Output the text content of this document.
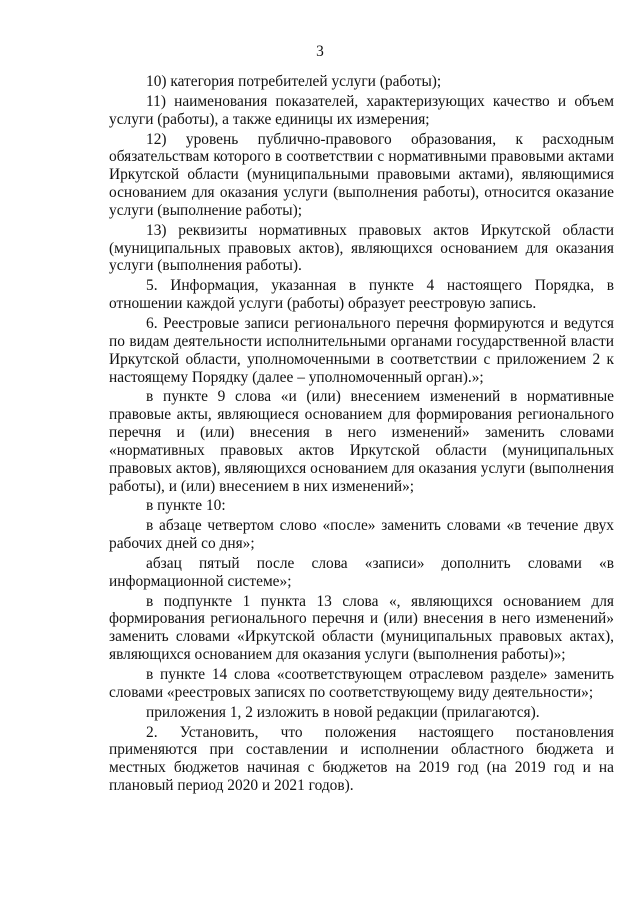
3

10) категория потребителей услуги (работы);

11) наименования показателей, характеризующих качество и объем услуги (работы), а также единицы их измерения;

12) уровень публично-правового образования, к расходным обязательствам которого в соответствии с нормативными правовыми актами Иркутской области (муниципальными правовыми актами), являющимися основанием для оказания услуги (выполнения работы), относится оказание услуги (выполнение работы);

13) реквизиты нормативных правовых актов Иркутской области (муниципальных правовых актов), являющихся основанием для оказания услуги (выполнения работы).

5. Информация, указанная в пункте 4 настоящего Порядка, в отношении каждой услуги (работы) образует реестровую запись.

6. Реестровые записи регионального перечня формируются и ведутся по видам деятельности исполнительными органами государственной власти Иркутской области, уполномоченными в соответствии с приложением 2 к настоящему Порядку (далее – уполномоченный орган).»;

в пункте 9 слова «и (или) внесением изменений в нормативные правовые акты, являющиеся основанием для формирования регионального перечня и (или) внесения в него изменений» заменить словами «нормативных правовых актов Иркутской области (муниципальных правовых актов), являющихся основанием для оказания услуги (выполнения работы), и (или) внесением в них изменений»;

в пункте 10:

в абзаце четвертом слово «после» заменить словами «в течение двух рабочих дней со дня»;

абзац пятый после слова «записи» дополнить словами «в информационной системе»;

в подпункте 1 пункта 13 слова «, являющихся основанием для формирования регионального перечня и (или) внесения в него изменений» заменить словами «Иркутской области (муниципальных правовых актах), являющихся основанием для оказания услуги (выполнения работы)»;

в пункте 14 слова «соответствующем отраслевом разделе» заменить словами «реестровых записях по соответствующему виду деятельности»;

приложения 1, 2 изложить в новой редакции (прилагаются).

2. Установить, что положения настоящего постановления применяются при составлении и исполнении областного бюджета и местных бюджетов начиная с бюджетов на 2019 год (на 2019 год и на плановый период 2020 и 2021 годов).
